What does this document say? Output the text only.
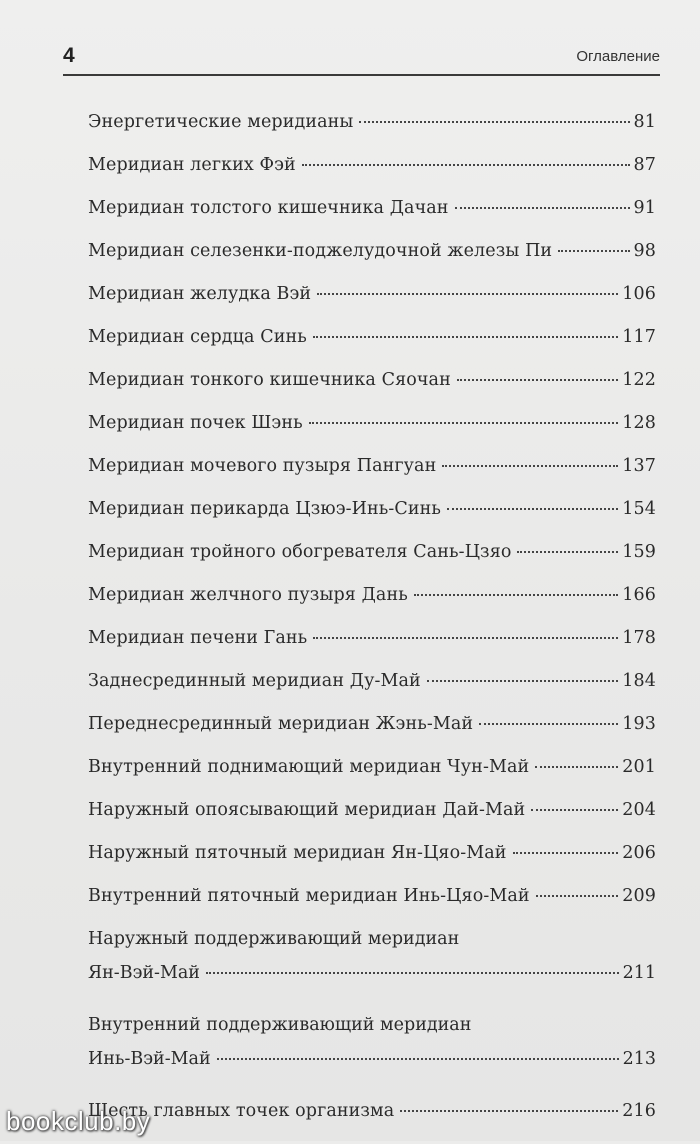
4	Оглавление
Энергетические меридианы	81
Меридиан легких Фэй	87
Меридиан толстого кишечника Дачан	91
Меридиан селезенки-поджелудочной железы Пи	98
Меридиан желудка Вэй	106
Меридиан сердца Синь	117
Меридиан тонкого кишечника Сяочан	122
Меридиан почек Шэнь	128
Меридиан мочевого пузыря Пангуан	137
Меридиан перикарда Цзюэ-Инь-Синь	154
Меридиан тройного обогревателя Сань-Цзяо	159
Меридиан желчного пузыря Дань	166
Меридиан печени Гань	178
Заднесрединный меридиан Ду-Май	184
Переднесрединный меридиан Жэнь-Май	193
Внутренний поднимающий меридиан Чун-Май	201
Наружный опоясывающий меридиан Дай-Май	204
Наружный пяточный меридиан Ян-Цяо-Май	206
Внутренний пяточный меридиан Инь-Цяо-Май	209
Наружный поддерживающий меридиан
Ян-Вэй-Май	211
Внутренний поддерживающий меридиан
Инь-Вэй-Май	213
Шесть главных точек организма	216
bookclub.by
